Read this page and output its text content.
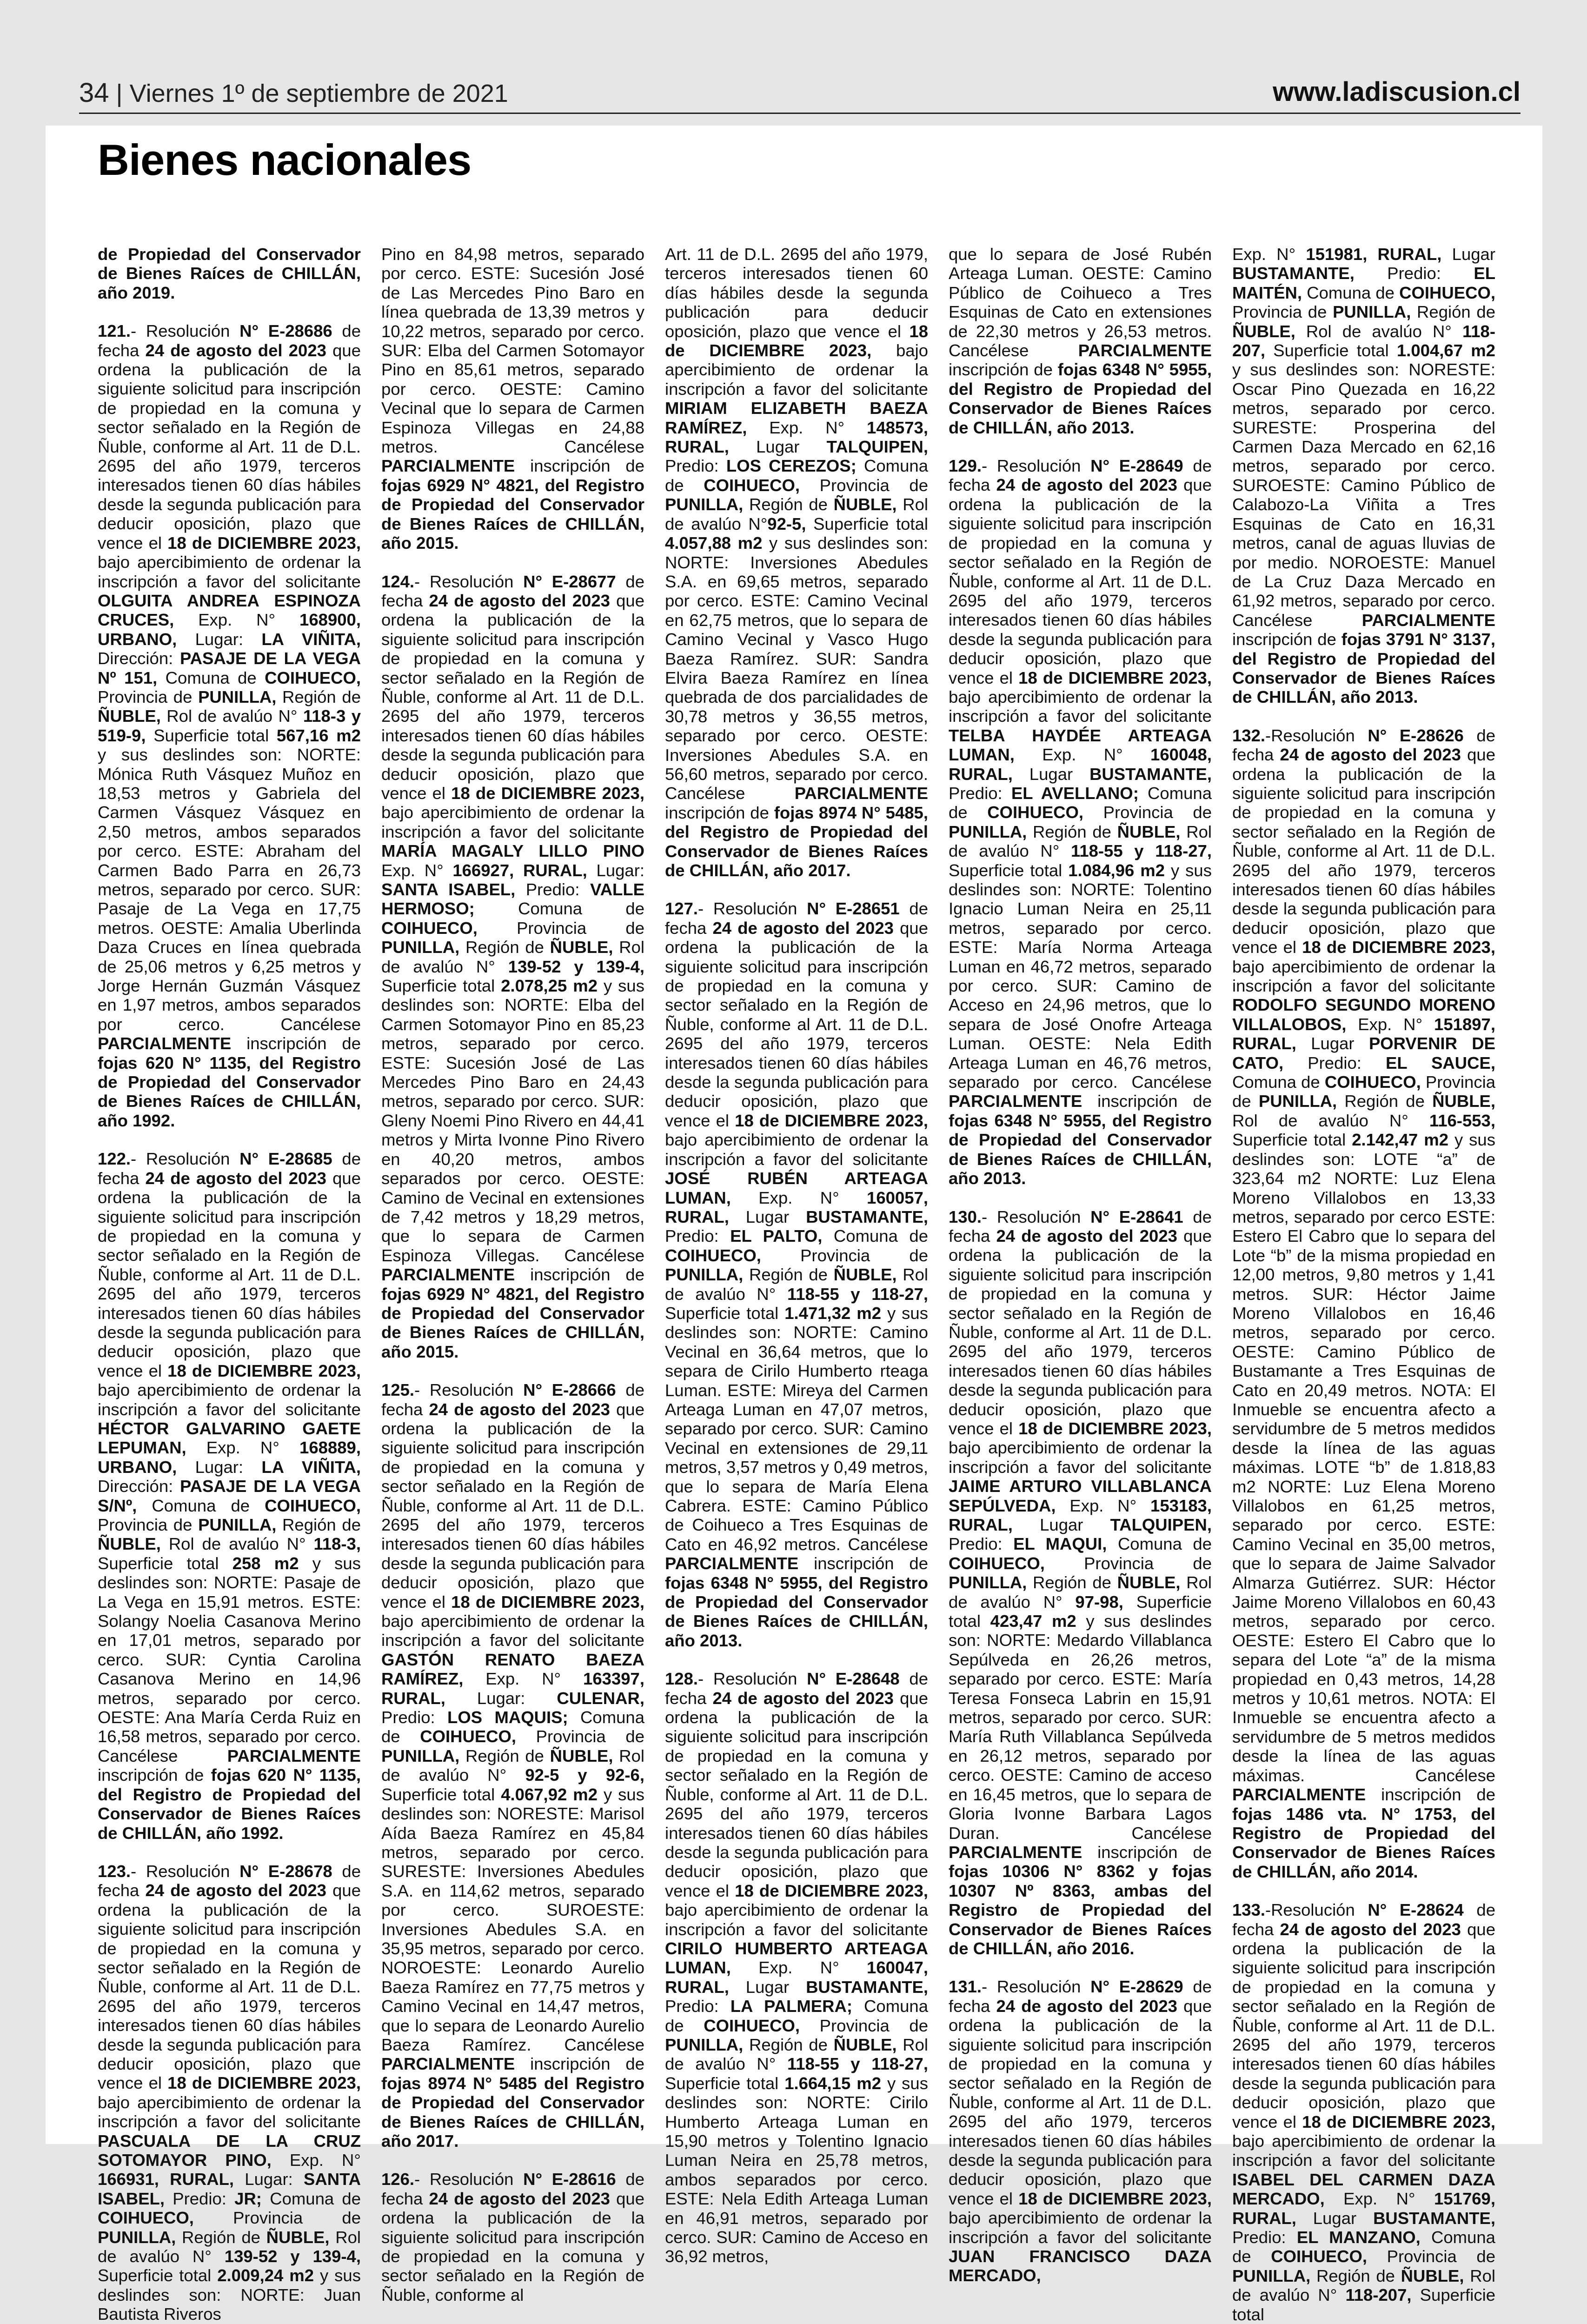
34 | Viernes 1º de septiembre de 2021	www.ladiscusion.cl
Bienes nacionales

de Propiedad del Conservador de Bienes Raíces de CHILLÁN, año 2019.

121.- Resolución N° E-28686 de fecha 24 de agosto del 2023 que ordena la publicación de la siguiente solicitud para inscripción de propiedad en la comuna y sector señalado en la Región de Ñuble, conforme al Art. 11 de D.L. 2695 del año 1979, terceros interesados tienen 60 días hábiles desde la segunda publicación para deducir oposición, plazo que vence el 18 de DICIEMBRE 2023, bajo apercibimiento de ordenar la inscripción a favor del solicitante OLGUITA ANDREA ESPINOZA CRUCES, Exp. N° 168900, URBANO, Lugar: LA VIÑITA, Dirección: PASAJE DE LA VEGA Nº 151, Comuna de COIHUECO, Provincia de PUNILLA, Región de ÑUBLE, Rol de avalúo N° 118-3 y 519-9, Superficie total 567,16 m2 y sus deslindes son: NORTE: Mónica Ruth Vásquez Muñoz en 18,53 metros y Gabriela del Carmen Vásquez Vásquez en 2,50 metros, ambos separados por cerco. ESTE: Abraham del Carmen Bado Parra en 26,73 metros, separado por cerco. SUR: Pasaje de La Vega en 17,75 metros. OESTE: Amalia Uberlinda Daza Cruces en línea quebrada de 25,06 metros y 6,25 metros y Jorge Hernán Guzmán Vásquez en 1,97 metros, ambos separados por cerco. Cancélese PARCIALMENTE inscripción de fojas 620 N° 1135, del Registro de Propiedad del Conservador de Bienes Raíces de CHILLÁN, año 1992.

122.- Resolución N° E-28685 de fecha 24 de agosto del 2023 que ordena la publicación de la siguiente solicitud para inscripción de propiedad en la comuna y sector señalado en la Región de Ñuble, conforme al Art. 11 de D.L. 2695 del año 1979, terceros interesados tienen 60 días hábiles desde la segunda publicación para deducir oposición, plazo que vence el 18 de DICIEMBRE 2023, bajo apercibimiento de ordenar la inscripción a favor del solicitante HÉCTOR GALVARINO GAETE LEPUMAN, Exp. N° 168889, URBANO, Lugar: LA VIÑITA, Dirección: PASAJE DE LA VEGA S/Nº, Comuna de COIHUECO, Provincia de PUNILLA, Región de ÑUBLE, Rol de avalúo N° 118-3, Superficie total 258 m2 y sus deslindes son: NORTE: Pasaje de La Vega en 15,91 metros. ESTE: Solangy Noelia Casanova Merino en 17,01 metros, separado por cerco. SUR: Cyntia Carolina Casanova Merino en 14,96 metros, separado por cerco. OESTE: Ana María Cerda Ruiz en 16,58 metros, separado por cerco. Cancélese PARCIALMENTE inscripción de fojas 620 N° 1135, del Registro de Propiedad del Conservador de Bienes Raíces de CHILLÁN, año 1992.

123.- Resolución N° E-28678 de fecha 24 de agosto del 2023 que ordena la publicación de la siguiente solicitud para inscripción de propiedad en la comuna y sector señalado en la Región de Ñuble, conforme al Art. 11 de D.L. 2695 del año 1979, terceros interesados tienen 60 días hábiles desde la segunda publicación para deducir oposición, plazo que vence el 18 de DICIEMBRE 2023, bajo apercibimiento de ordenar la inscripción a favor del solicitante PASCUALA DE LA CRUZ SOTOMAYOR PINO, Exp. N° 166931, RURAL, Lugar: SANTA ISABEL, Predio: JR; Comuna de COIHUECO, Provincia de PUNILLA, Región de ÑUBLE, Rol de avalúo N° 139-52 y 139-4, Superficie total 2.009,24 m2 y sus deslindes son: NORTE: Juan Bautista Riveros

Pino en 84,98 metros, separado por cerco. ESTE: Sucesión José de Las Mercedes Pino Baro en línea quebrada de 13,39 metros y 10,22 metros, separado por cerco. SUR: Elba del Carmen Sotomayor Pino en 85,61 metros, separado por cerco. OESTE: Camino Vecinal que lo separa de Carmen Espinoza Villegas en 24,88 metros. Cancélese PARCIALMENTE inscripción de fojas 6929 N° 4821, del Registro de Propiedad del Conservador de Bienes Raíces de CHILLÁN, año 2015.

124.- Resolución N° E-28677 de fecha 24 de agosto del 2023 que ordena la publicación de la siguiente solicitud para inscripción de propiedad en la comuna y sector señalado en la Región de Ñuble, conforme al Art. 11 de D.L. 2695 del año 1979, terceros interesados tienen 60 días hábiles desde la segunda publicación para deducir oposición, plazo que vence el 18 de DICIEMBRE 2023, bajo apercibimiento de ordenar la inscripción a favor del solicitante MARÍA MAGALY LILLO PINO Exp. N° 166927, RURAL, Lugar: SANTA ISABEL, Predio: VALLE HERMOSO; Comuna de COIHUECO, Provincia de PUNILLA, Región de ÑUBLE, Rol de avalúo N° 139-52 y 139-4, Superficie total 2.078,25 m2 y sus deslindes son: NORTE: Elba del Carmen Sotomayor Pino en 85,23 metros, separado por cerco. ESTE: Sucesión José de Las Mercedes Pino Baro en 24,43 metros, separado por cerco. SUR: Gleny Noemi Pino Rivero en 44,41 metros y Mirta Ivonne Pino Rivero en 40,20 metros, ambos separados por cerco. OESTE: Camino de Vecinal en extensiones de 7,42 metros y 18,29 metros, que lo separa de Carmen Espinoza Villegas. Cancélese PARCIALMENTE inscripción de fojas 6929 N° 4821, del Registro de Propiedad del Conservador de Bienes Raíces de CHILLÁN, año 2015.

125.- Resolución N° E-28666 de fecha 24 de agosto del 2023 que ordena la publicación de la siguiente solicitud para inscripción de propiedad en la comuna y sector señalado en la Región de Ñuble, conforme al Art. 11 de D.L. 2695 del año 1979, terceros interesados tienen 60 días hábiles desde la segunda publicación para deducir oposición, plazo que vence el 18 de DICIEMBRE 2023, bajo apercibimiento de ordenar la inscripción a favor del solicitante GASTÓN RENATO BAEZA RAMÍREZ, Exp. N° 163397, RURAL, Lugar: CULENAR, Predio: LOS MAQUIS; Comuna de COIHUECO, Provincia de PUNILLA, Región de ÑUBLE, Rol de avalúo N° 92-5 y 92-6, Superficie total 4.067,92 m2 y sus deslindes son: NORESTE: Marisol Aída Baeza Ramírez en 45,84 metros, separado por cerco. SURESTE: Inversiones Abedules S.A. en 114,62 metros, separado por cerco. SUROESTE: Inversiones Abedules S.A. en 35,95 metros, separado por cerco. NOROESTE: Leonardo Aurelio Baeza Ramírez en 77,75 metros y Camino Vecinal en 14,47 metros, que lo separa de Leonardo Aurelio Baeza Ramírez. Cancélese PARCIALMENTE inscripción de fojas 8974 N° 5485 del Registro de Propiedad del Conservador de Bienes Raíces de CHILLÁN, año 2017.

126.- Resolución N° E-28616 de fecha 24 de agosto del 2023 que ordena la publicación de la siguiente solicitud para inscripción de propiedad en la comuna y sector señalado en la Región de Ñuble, conforme al

Art. 11 de D.L. 2695 del año 1979, terceros interesados tienen 60 días hábiles desde la segunda publicación para deducir oposición, plazo que vence el 18 de DICIEMBRE 2023, bajo apercibimiento de ordenar la inscripción a favor del solicitante MIRIAM ELIZABETH BAEZA RAMÍREZ, Exp. N° 148573, RURAL, Lugar TALQUIPEN, Predio: LOS CEREZOS; Comuna de COIHUECO, Provincia de PUNILLA, Región de ÑUBLE, Rol de avalúo N°92-5, Superficie total 4.057,88 m2 y sus deslindes son: NORTE: Inversiones Abedules S.A. en 69,65 metros, separado por cerco. ESTE: Camino Vecinal en 62,75 metros, que lo separa de Camino Vecinal y Vasco Hugo Baeza Ramírez. SUR: Sandra Elvira Baeza Ramírez en línea quebrada de dos parcialidades de 30,78 metros y 36,55 metros, separado por cerco. OESTE: Inversiones Abedules S.A. en 56,60 metros, separado por cerco. Cancélese PARCIALMENTE inscripción de fojas 8974 N° 5485, del Registro de Propiedad del Conservador de Bienes Raíces de CHILLÁN, año 2017.

127.- Resolución N° E-28651 de fecha 24 de agosto del 2023 que ordena la publicación de la siguiente solicitud para inscripción de propiedad en la comuna y sector señalado en la Región de Ñuble, conforme al Art. 11 de D.L. 2695 del año 1979, terceros interesados tienen 60 días hábiles desde la segunda publicación para deducir oposición, plazo que vence el 18 de DICIEMBRE 2023, bajo apercibimiento de ordenar la inscripción a favor del solicitante JOSÉ RUBÉN ARTEAGA LUMAN, Exp. N° 160057, RURAL, Lugar BUSTAMANTE, Predio: EL PALTO, Comuna de COIHUECO, Provincia de PUNILLA, Región de ÑUBLE, Rol de avalúo N° 118-55 y 118-27, Superficie total 1.471,32 m2 y sus deslindes son: NORTE: Camino Vecinal en 36,64 metros, que lo separa de Cirilo Humberto rteaga Luman. ESTE: Mireya del Carmen Arteaga Luman en 47,07 metros, separado por cerco. SUR: Camino Vecinal en extensiones de 29,11 metros, 3,57 metros y 0,49 metros, que lo separa de María Elena Cabrera. ESTE: Camino Público de Coihueco a Tres Esquinas de Cato en 46,92 metros. Cancélese PARCIALMENTE inscripción de fojas 6348 N° 5955, del Registro de Propiedad del Conservador de Bienes Raíces de CHILLÁN, año 2013.

128.- Resolución N° E-28648 de fecha 24 de agosto del 2023 que ordena la publicación de la siguiente solicitud para inscripción de propiedad en la comuna y sector señalado en la Región de Ñuble, conforme al Art. 11 de D.L. 2695 del año 1979, terceros interesados tienen 60 días hábiles desde la segunda publicación para deducir oposición, plazo que vence el 18 de DICIEMBRE 2023, bajo apercibimiento de ordenar la inscripción a favor del solicitante CIRILO HUMBERTO ARTEAGA LUMAN, Exp. N° 160047, RURAL, Lugar BUSTAMANTE, Predio: LA PALMERA; Comuna de COIHUECO, Provincia de PUNILLA, Región de ÑUBLE, Rol de avalúo N° 118-55 y 118-27, Superficie total 1.664,15 m2 y sus deslindes son: NORTE: Cirilo Humberto Arteaga Luman en 15,90 metros y Tolentino Ignacio Luman Neira en 25,78 metros, ambos separados por cerco. ESTE: Nela Edith Arteaga Luman en 46,91 metros, separado por cerco. SUR: Camino de Acceso en 36,92 metros,

que lo separa de José Rubén Arteaga Luman. OESTE: Camino Público de Coihueco a Tres Esquinas de Cato en extensiones de 22,30 metros y 26,53 metros. Cancélese PARCIALMENTE inscripción de fojas 6348 N° 5955, del Registro de Propiedad del Conservador de Bienes Raíces de CHILLÁN, año 2013.

129.- Resolución N° E-28649 de fecha 24 de agosto del 2023 que ordena la publicación de la siguiente solicitud para inscripción de propiedad en la comuna y sector señalado en la Región de Ñuble, conforme al Art. 11 de D.L. 2695 del año 1979, terceros interesados tienen 60 días hábiles desde la segunda publicación para deducir oposición, plazo que vence el 18 de DICIEMBRE 2023, bajo apercibimiento de ordenar la inscripción a favor del solicitante TELBA HAYDÉE ARTEAGA LUMAN, Exp. N° 160048, RURAL, Lugar BUSTAMANTE, Predio: EL AVELLANO; Comuna de COIHUECO, Provincia de PUNILLA, Región de ÑUBLE, Rol de avalúo N° 118-55 y 118-27, Superficie total 1.084,96 m2 y sus deslindes son: NORTE: Tolentino Ignacio Luman Neira en 25,11 metros, separado por cerco. ESTE: María Norma Arteaga Luman en 46,72 metros, separado por cerco. SUR: Camino de Acceso en 24,96 metros, que lo separa de José Onofre Arteaga Luman. OESTE: Nela Edith Arteaga Luman en 46,76 metros, separado por cerco. Cancélese PARCIALMENTE inscripción de fojas 6348 N° 5955, del Registro de Propiedad del Conservador de Bienes Raíces de CHILLÁN, año 2013.

130.- Resolución N° E-28641 de fecha 24 de agosto del 2023 que ordena la publicación de la siguiente solicitud para inscripción de propiedad en la comuna y sector señalado en la Región de Ñuble, conforme al Art. 11 de D.L. 2695 del año 1979, terceros interesados tienen 60 días hábiles desde la segunda publicación para deducir oposición, plazo que vence el 18 de DICIEMBRE 2023, bajo apercibimiento de ordenar la inscripción a favor del solicitante JAIME ARTURO VILLABLANCA SEPÚLVEDA, Exp. N° 153183, RURAL, Lugar TALQUIPEN, Predio: EL MAQUI, Comuna de COIHUECO, Provincia de PUNILLA, Región de ÑUBLE, Rol de avalúo N° 97-98, Superficie total 423,47 m2 y sus deslindes son: NORTE: Medardo Villablanca Sepúlveda en 26,26 metros, separado por cerco. ESTE: María Teresa Fonseca Labrin en 15,91 metros, separado por cerco. SUR: María Ruth Villablanca Sepúlveda en 26,12 metros, separado por cerco. OESTE: Camino de acceso en 16,45 metros, que lo separa de Gloria Ivonne Barbara Lagos Duran. Cancélese PARCIALMENTE inscripción de fojas 10306 N° 8362 y fojas 10307 Nº 8363, ambas del Registro de Propiedad del Conservador de Bienes Raíces de CHILLÁN, año 2016.

131.- Resolución N° E-28629 de fecha 24 de agosto del 2023 que ordena la publicación de la siguiente solicitud para inscripción de propiedad en la comuna y sector señalado en la Región de Ñuble, conforme al Art. 11 de D.L. 2695 del año 1979, terceros interesados tienen 60 días hábiles desde la segunda publicación para deducir oposición, plazo que vence el 18 de DICIEMBRE 2023, bajo apercibimiento de ordenar la inscripción a favor del solicitante JUAN FRANCISCO DAZA MERCADO,

Exp. N° 151981, RURAL, Lugar BUSTAMANTE, Predio: EL MAITÉN, Comuna de COIHUECO, Provincia de PUNILLA, Región de ÑUBLE, Rol de avalúo N° 118-207, Superficie total 1.004,67 m2 y sus deslindes son: NORESTE: Oscar Pino Quezada en 16,22 metros, separado por cerco. SURESTE: Prosperina del Carmen Daza Mercado en 62,16 metros, separado por cerco. SUROESTE: Camino Público de Calabozo-La Viñita a Tres Esquinas de Cato en 16,31 metros, canal de aguas lluvias de por medio. NOROESTE: Manuel de La Cruz Daza Mercado en 61,92 metros, separado por cerco. Cancélese PARCIALMENTE inscripción de fojas 3791 N° 3137, del Registro de Propiedad del Conservador de Bienes Raíces de CHILLÁN, año 2013.

132.-Resolución N° E-28626 de fecha 24 de agosto del 2023 que ordena la publicación de la siguiente solicitud para inscripción de propiedad en la comuna y sector señalado en la Región de Ñuble, conforme al Art. 11 de D.L. 2695 del año 1979, terceros interesados tienen 60 días hábiles desde la segunda publicación para deducir oposición, plazo que vence el 18 de DICIEMBRE 2023, bajo apercibimiento de ordenar la inscripción a favor del solicitante RODOLFO SEGUNDO MORENO VILLALOBOS, Exp. N° 151897, RURAL, Lugar PORVENIR DE CATO, Predio: EL SAUCE, Comuna de COIHUECO, Provincia de PUNILLA, Región de ÑUBLE, Rol de avalúo N° 116-553, Superficie total 2.142,47 m2 y sus deslindes son: LOTE “a” de 323,64 m2 NORTE: Luz Elena Moreno Villalobos en 13,33 metros, separado por cerco ESTE: Estero El Cabro que lo separa del Lote “b” de la misma propiedad en 12,00 metros, 9,80 metros y 1,41 metros. SUR: Héctor Jaime Moreno Villalobos en 16,46 metros, separado por cerco. OESTE: Camino Público de Bustamante a Tres Esquinas de Cato en 20,49 metros. NOTA: El Inmueble se encuentra afecto a servidumbre de 5 metros medidos desde la línea de las aguas máximas. LOTE “b” de 1.818,83 m2 NORTE: Luz Elena Moreno Villalobos en 61,25 metros, separado por cerco. ESTE: Camino Vecinal en 35,00 metros, que lo separa de Jaime Salvador Almarza Gutiérrez. SUR: Héctor Jaime Moreno Villalobos en 60,43 metros, separado por cerco. OESTE: Estero El Cabro que lo separa del Lote “a” de la misma propiedad en 0,43 metros, 14,28 metros y 10,61 metros. NOTA: El Inmueble se encuentra afecto a servidumbre de 5 metros medidos desde la línea de las aguas máximas. Cancélese PARCIALMENTE inscripción de fojas 1486 vta. N° 1753, del Registro de Propiedad del Conservador de Bienes Raíces de CHILLÁN, año 2014.

133.-Resolución N° E-28624 de fecha 24 de agosto del 2023 que ordena la publicación de la siguiente solicitud para inscripción de propiedad en la comuna y sector señalado en la Región de Ñuble, conforme al Art. 11 de D.L. 2695 del año 1979, terceros interesados tienen 60 días hábiles desde la segunda publicación para deducir oposición, plazo que vence el 18 de DICIEMBRE 2023, bajo apercibimiento de ordenar la inscripción a favor del solicitante ISABEL DEL CARMEN DAZA MERCADO, Exp. N° 151769, RURAL, Lugar BUSTAMANTE, Predio: EL MANZANO, Comuna de COIHUECO, Provincia de PUNILLA, Región de ÑUBLE, Rol de avalúo N° 118-207, Superficie total
